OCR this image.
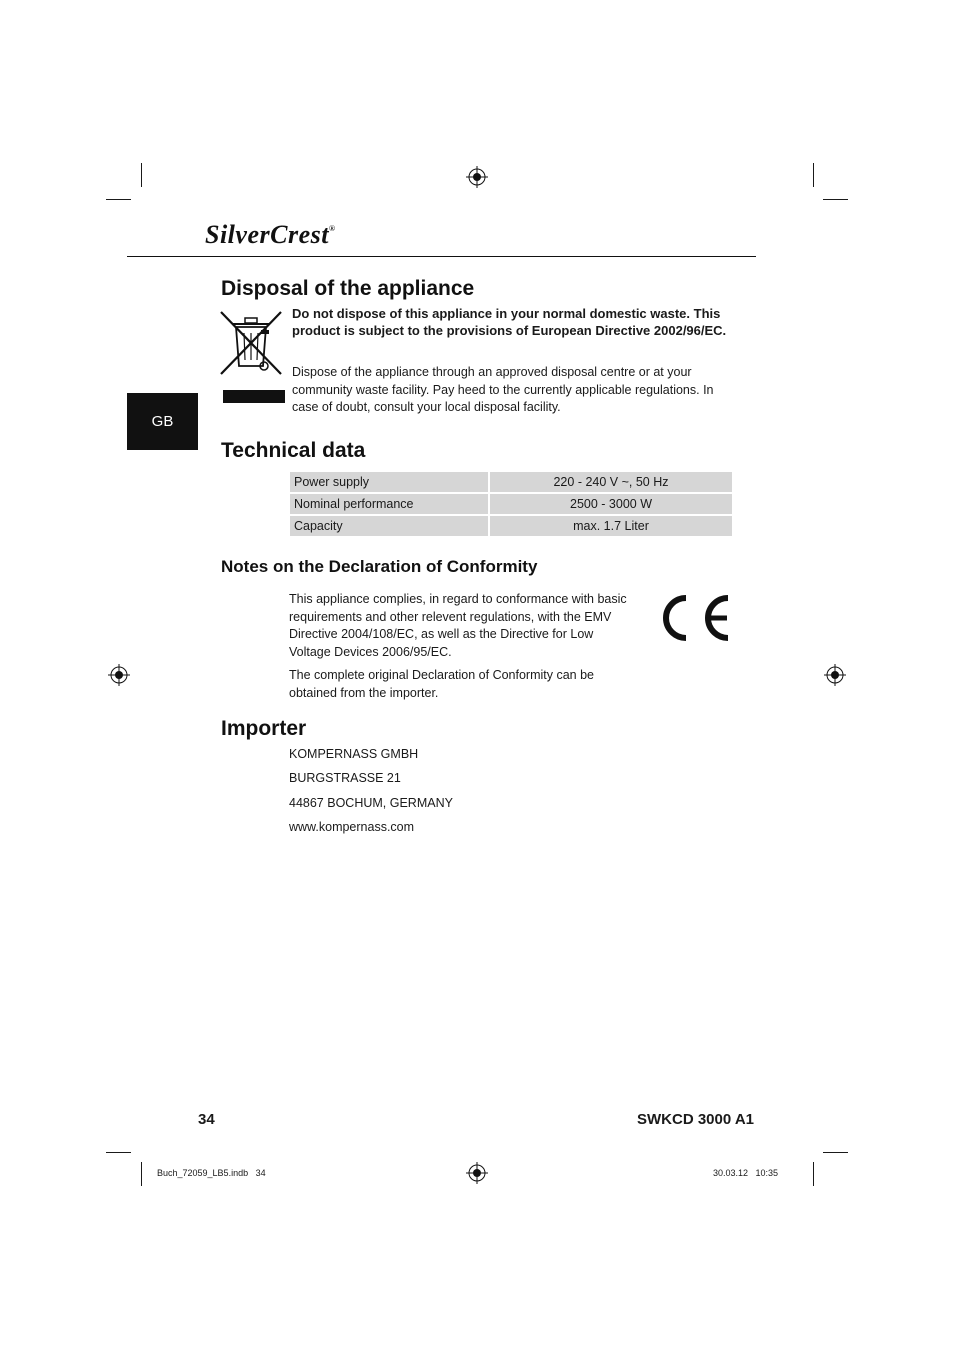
SilverCrest®
GB
Disposal of the appliance

Do not dispose of this appliance in your normal domestic waste. This product is subject to the provisions of European Directive 2002/96/EC.

Dispose of the appliance through an approved disposal centre or at your community waste facility. Pay heed to the currently applicable regulations. In case of doubt, consult your local disposal facility.

Technical data
Power supply	220 - 240 V ~, 50 Hz
Nominal performance	2500 - 3000 W
Capacity	max. 1.7 Liter
Notes on the Declaration of Conformity

This appliance complies, in regard to conformance with basic requirements and other relevent regulations, with the EMV Directive 2004/108/EC, as well as the Directive for Low Voltage Devices 2006/95/EC.

The complete original Declaration of Conformity can be obtained from the importer.

CE
Importer

KOMPERNASS GMBH

BURGSTRASSE 21

44867 BOCHUM, GERMANY

www.kompernass.com

34	SWKCD 3000 A1
Buch_72059_LB5.indb   34	30.03.12   10:35
